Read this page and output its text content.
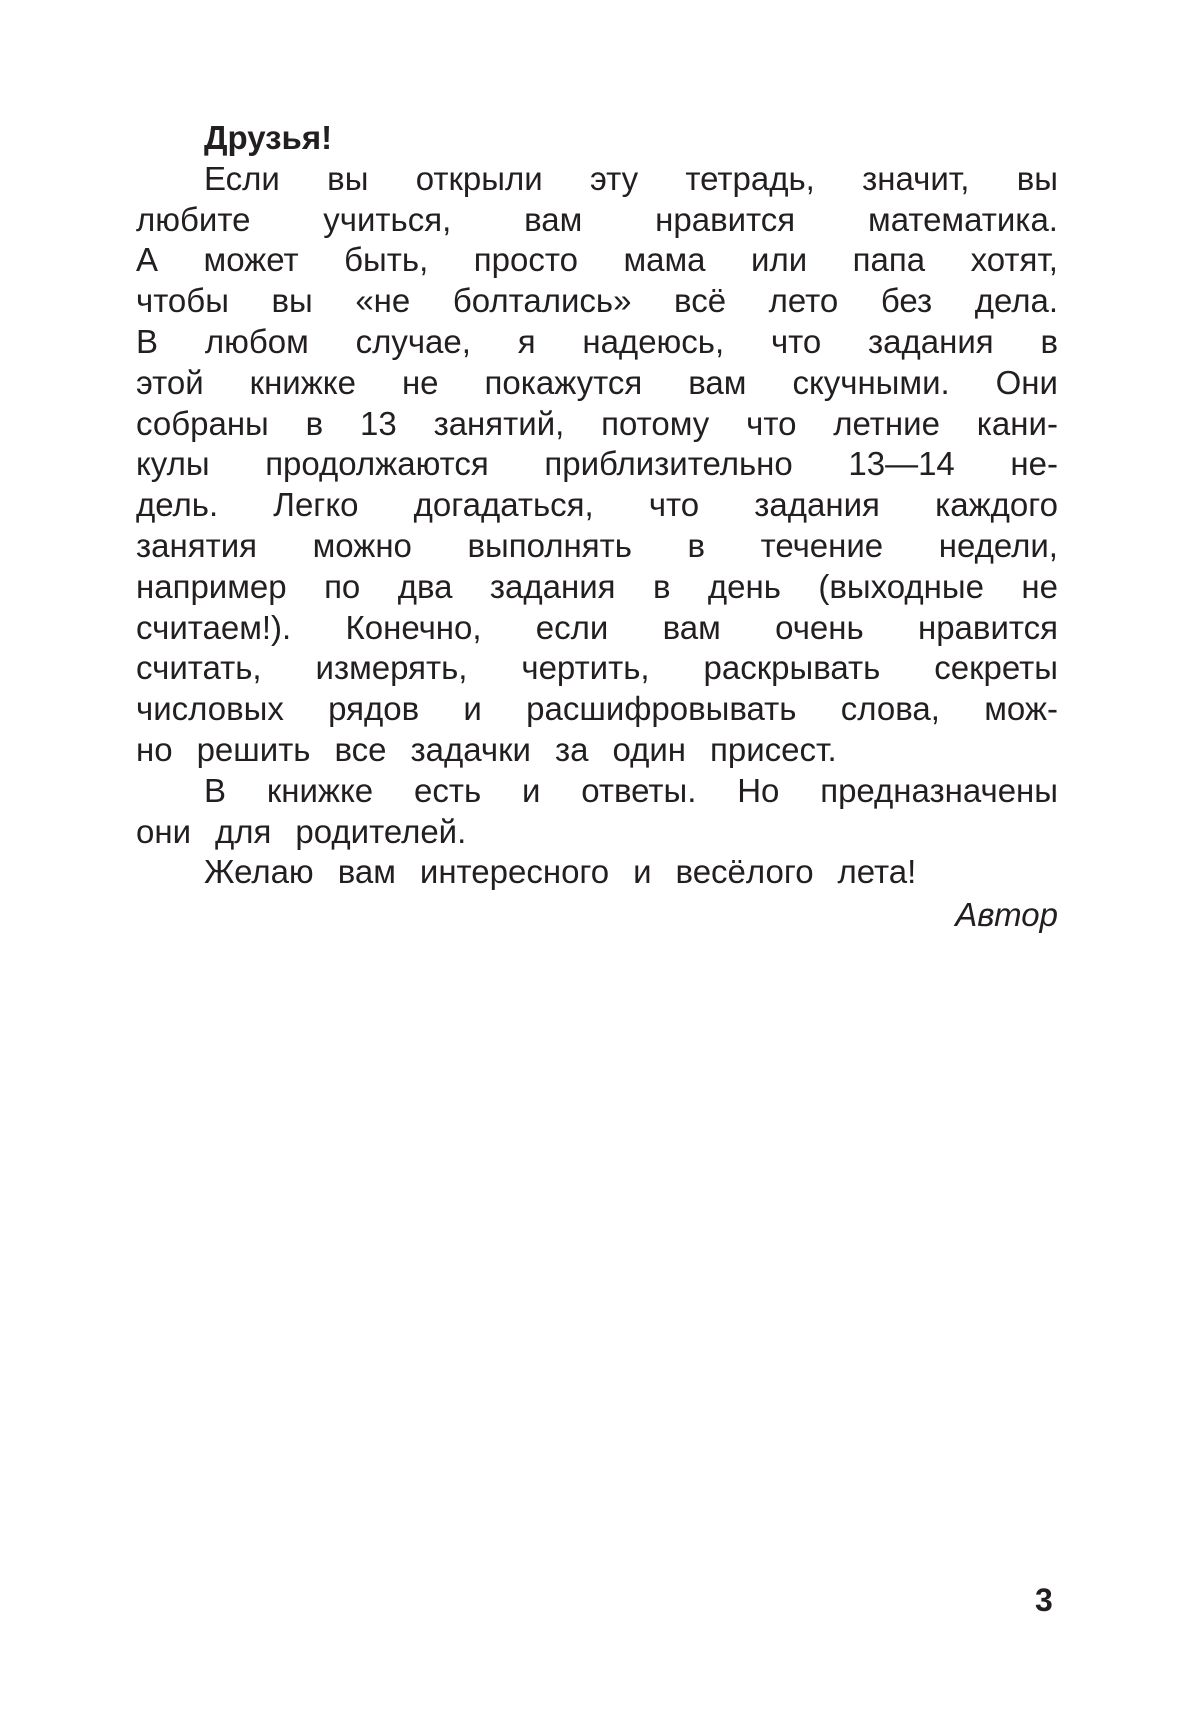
Друзья!
Если вы открыли эту тетрадь, значит, вы
любите учиться, вам нравится математика.
А может быть, просто мама или папа хотят,
чтобы вы «не болтались» всё лето без дела.
В любом случае, я надеюсь, что задания в
этой книжке не покажутся вам скучными. Они
собраны в 13 занятий, потому что летние кани-
кулы продолжаются приблизительно 13—14 не-
дель. Легко догадаться, что задания каждого
занятия можно выполнять в течение недели,
например по два задания в день (выходные не
считаем!). Конечно, если вам очень нравится
считать, измерять, чертить, раскрывать секреты
числовых рядов и расшифровывать слова, мож-
но решить все задачки за один присест.
В книжке есть и ответы. Но предназначены
они для родителей.
Желаю вам интересного и весёлого лета!
Автор
3
